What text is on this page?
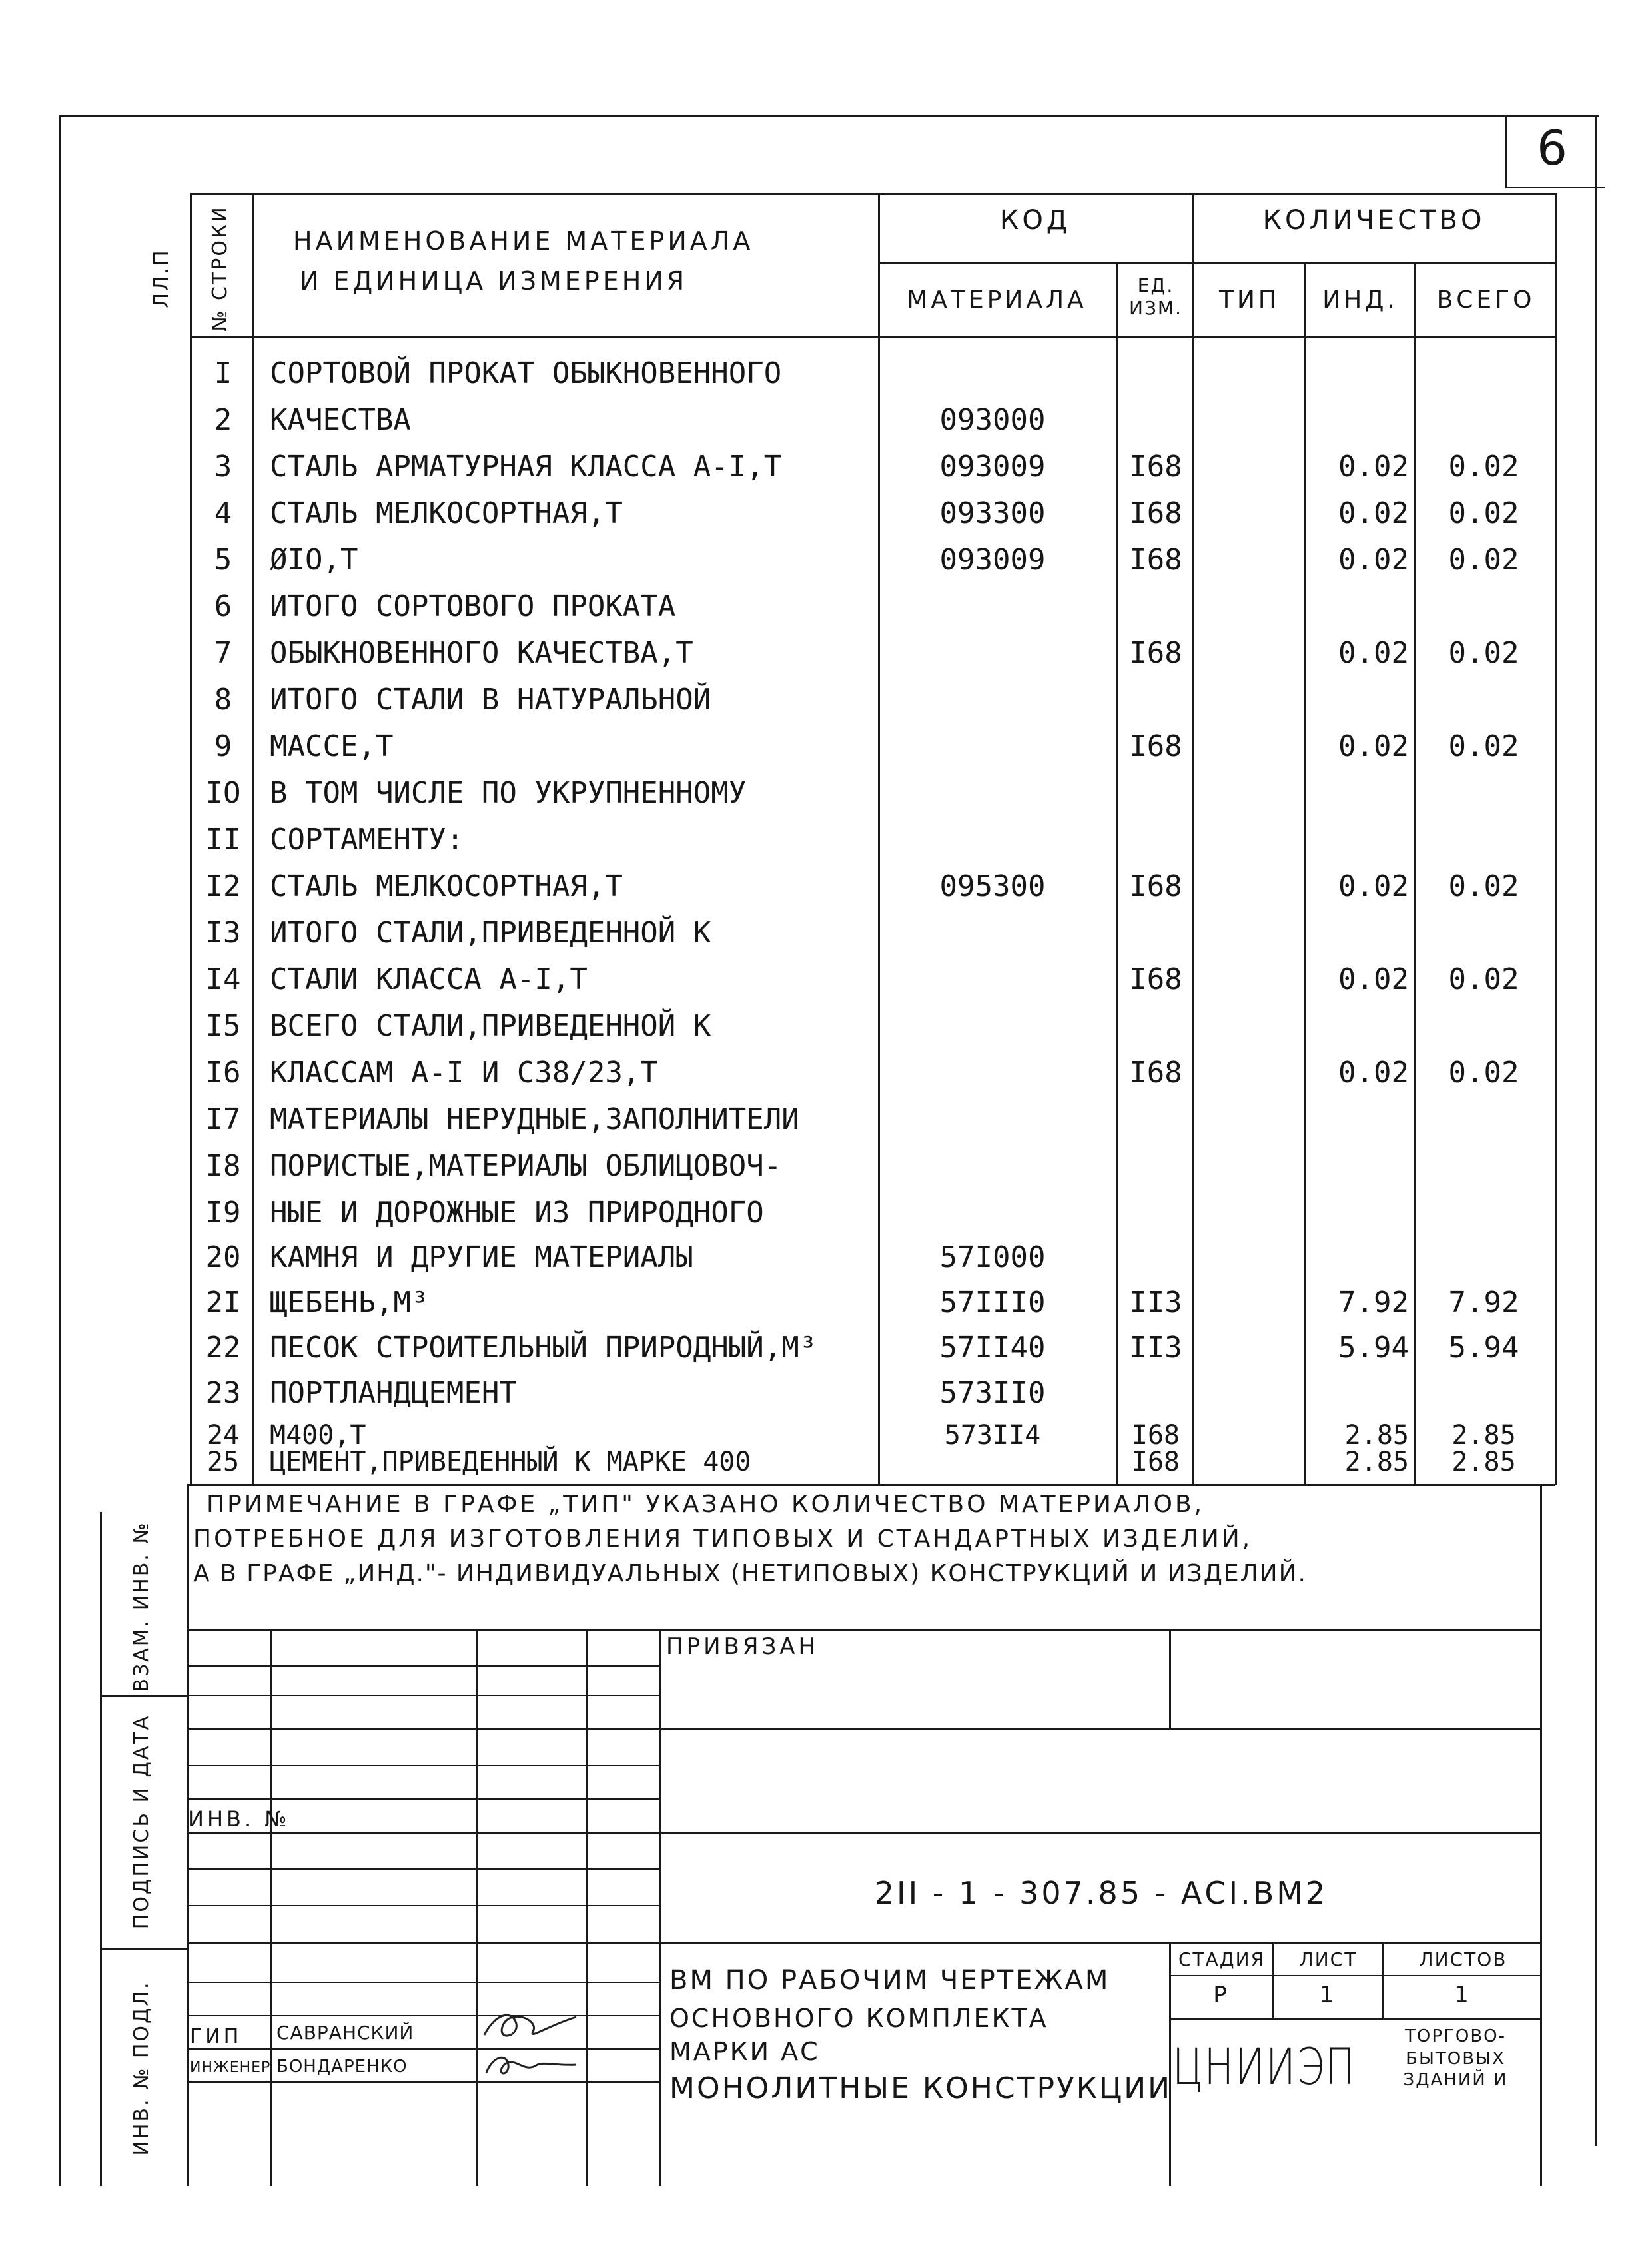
6
НАИМЕНОВАНИЕ МАТЕРИАЛА
И ЕДИНИЦА ИЗМЕРЕНИЯ
КОД	КОЛИЧЕСТВО
МАТЕРИАЛА
ЕД. ИЗМ.	ТИП	ИНД.	ВСЕГО
№ СТРОКИ
ЛЛ.П
I	СОРТОВОЙ ПРОКАТ ОБЫКНОВЕННОГО
2	КАЧЕСТВА	093000
3	СТАЛЬ АРМАТУРНАЯ КЛАССА А-I,Т	093009	I68	0.02	0.02
4	СТАЛЬ МЕЛКОСОРТНАЯ,Т	093300	I68	0.02	0.02
5	ØIO,Т	093009	I68	0.02	0.02
6	ИТОГО СОРТОВОГО ПРОКАТА
7	ОБЫКНОВЕННОГО КАЧЕСТВА,Т	I68	0.02	0.02
8	ИТОГО СТАЛИ В НАТУРАЛЬНОЙ
9	МАССЕ,Т	I68	0.02	0.02
IO В ТОМ ЧИСЛЕ ПО УКРУПНЕННОМУ
II СОРТАМЕНТУ:
I2 СТАЛЬ МЕЛКОСОРТНАЯ,Т	095300	I68	0.02	0.02
I3 ИТОГО СТАЛИ,ПРИВЕДЕННОЙ К
I4 СТАЛИ КЛАССА А-I,Т	I68	0.02	0.02
I5 ВСЕГО СТАЛИ,ПРИВЕДЕННОЙ К
I6 КЛАССАМ А-I И С38/23,Т	I68	0.02	0.02
I7 МАТЕРИАЛЫ НЕРУДНЫЕ,ЗАПОЛНИТЕЛИ
I8 ПОРИСТЫЕ,МАТЕРИАЛЫ ОБЛИЦОВОЧ-
I9 НЫЕ И ДОРОЖНЫЕ ИЗ ПРИРОДНОГО
20 КАМНЯ И ДРУГИЕ МАТЕРИАЛЫ	57I000
2I ЩЕБЕНЬ,М³	57III0	II3	7.92	7.92
22 ПЕСОК СТРОИТЕЛЬНЫЙ ПРИРОДНЫЙ,М³	57II40	II3	5.94	5.94
23 ПОРТЛАНДЦЕМЕНТ	573II0
24 М400,Т	573II4	I68	2.85	2.85
25 ЦЕМЕНТ,ПРИВЕДЕННЫЙ К МАРКЕ 400	I68	2.85	2.85
ПРИМЕЧАНИЕ В ГРАФЕ „ТИП" УКАЗАНО КОЛИЧЕСТВО МАТЕРИАЛОВ,
ПОТРЕБНОЕ ДЛЯ ИЗГОТОВЛЕНИЯ ТИПОВЫХ И СТАНДАРТНЫХ ИЗДЕЛИЙ,
А В ГРАФЕ „ИНД."- ИНДИВИДУАЛЬНЫХ (НЕТИПОВЫХ) КОНСТРУКЦИЙ И ИЗДЕЛИЙ.
ВЗАМ. ИНВ. №
ПОДПИСЬ И ДАТА
ИНВ. № ПОДЛ.
ПРИВЯЗАН
ИНВ. №
2II - 1 - 307.85 - АСI.ВМ2
СТАДИЯ	ЛИСТ	ЛИСТОВ
Р	1	1
ВМ ПО РАБОЧИМ ЧЕРТЕЖАМ
ОСНОВНОГО КОМПЛЕКТА
МАРКИ АС
МОНОЛИТНЫЕ КОНСТРУКЦИИ ЦНИИЭП
ТОРГОВО-
БЫТОВЫХ
ЗДАНИЙ И
ГИП САВРАНСКИЙ
ИНЖЕНЕР БОНДАРЕНКО
